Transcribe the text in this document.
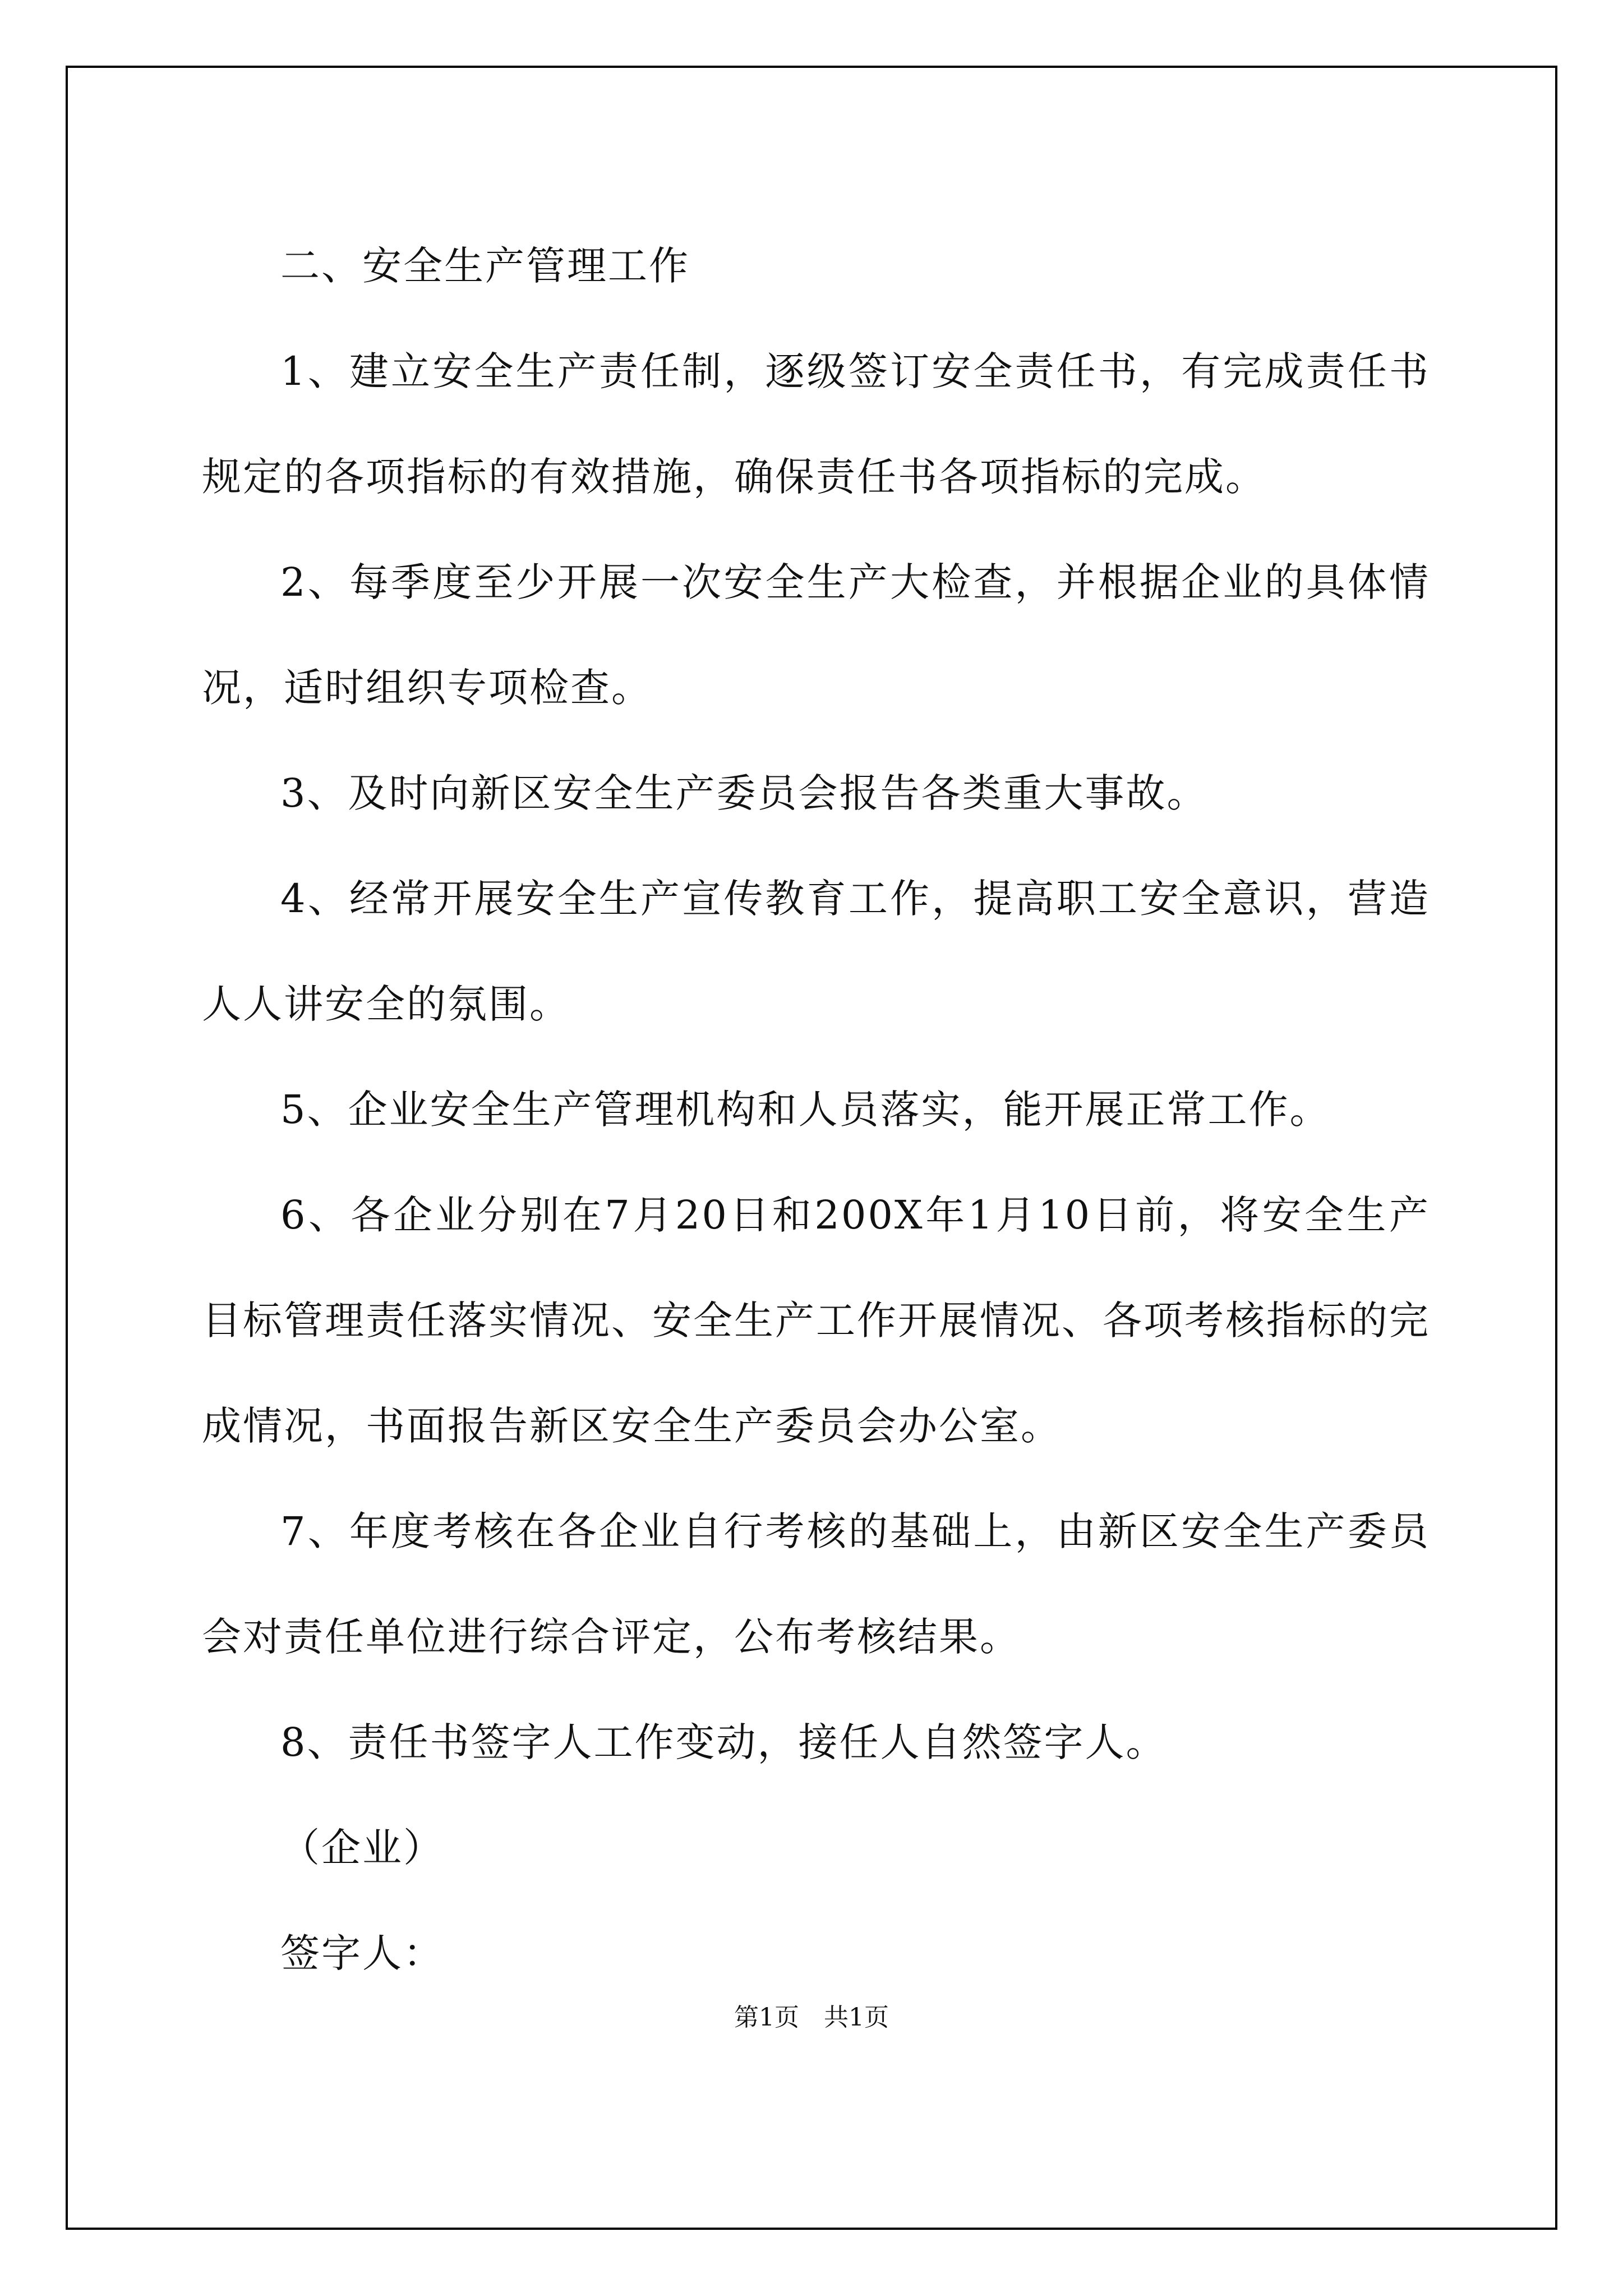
二、安全生产管理工作

1、建立安全生产责任制，逐级签订安全责任书，有完成责任书规定的各项指标的有效措施，确保责任书各项指标的完成。

2、每季度至少开展一次安全生产大检查，并根据企业的具体情况，适时组织专项检查。

3、及时向新区安全生产委员会报告各类重大事故。

4、经常开展安全生产宣传教育工作，提高职工安全意识，营造人人讲安全的氛围。

5、企业安全生产管理机构和人员落实，能开展正常工作。

6、各企业分别在7月20日和200X年1月10日前，将安全生产目标管理责任落实情况、安全生产工作开展情况、各项考核指标的完成情况，书面报告新区安全生产委员会办公室。

7、年度考核在各企业自行考核的基础上，由新区安全生产委员会对责任单位进行综合评定，公布考核结果。

8、责任书签字人工作变动，接任人自然签字人。

（企业）

签字人：

第1页　共1页
